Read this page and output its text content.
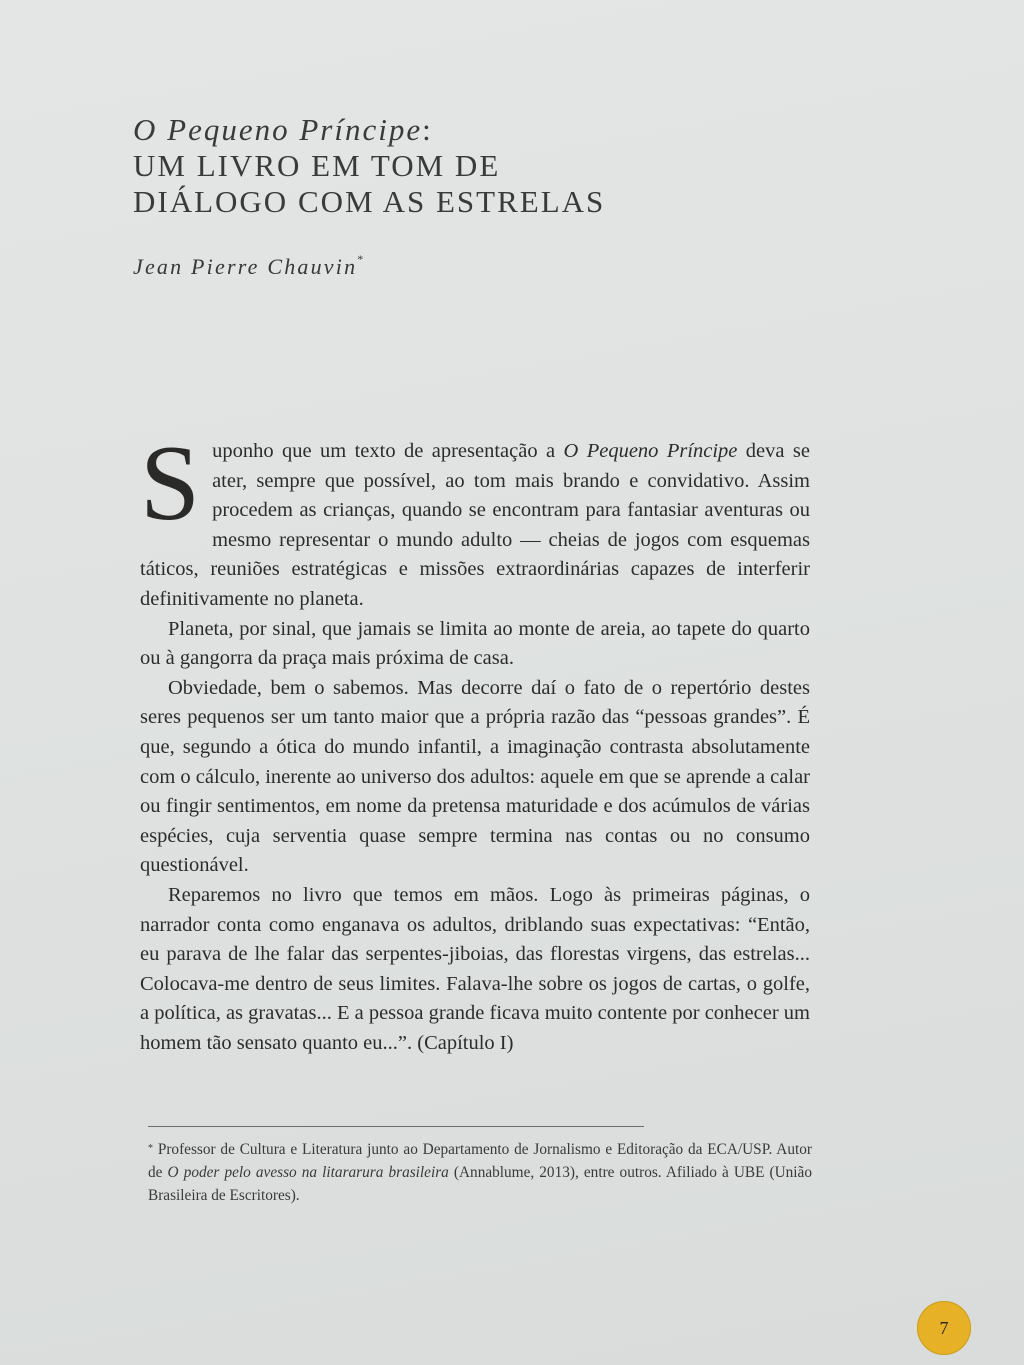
O Pequeno Príncipe:
UM LIVRO EM TOM DE
DIÁLOGO COM AS ESTRELAS
Jean Pierre Chauvin*

Suponho que um texto de apresentação a O Pequeno Príncipe deva se ater, sempre que possível, ao tom mais brando e convidativo. Assim procedem as crianças, quando se encontram para fantasiar aventuras ou mesmo representar o mundo adulto — cheias de jogos com esquemas táticos, reuniões estratégicas e missões extraordinárias capazes de interferir definitivamente no planeta.

Planeta, por sinal, que jamais se limita ao monte de areia, ao tapete do quarto ou à gangorra da praça mais próxima de casa.

Obviedade, bem o sabemos. Mas decorre daí o fato de o repertório destes seres pequenos ser um tanto maior que a própria razão das “pessoas grandes”. É que, segundo a ótica do mundo infantil, a imaginação contrasta absolutamente com o cálculo, inerente ao universo dos adultos: aquele em que se aprende a calar ou fingir sentimentos, em nome da pretensa maturidade e dos acúmulos de várias espécies, cuja serventia quase sempre termina nas contas ou no consumo questionável.

Reparemos no livro que temos em mãos. Logo às primeiras páginas, o narrador conta como enganava os adultos, driblando suas expectativas: “Então, eu parava de lhe falar das serpentes-jiboias, das florestas virgens, das estrelas... Colocava-me dentro de seus limites. Falava-lhe sobre os jogos de cartas, o golfe, a política, as gravatas... E a pessoa grande ficava muito contente por conhecer um homem tão sensato quanto eu...”. (Capítulo I)

* Professor de Cultura e Literatura junto ao Departamento de Jornalismo e Editoração da ECA/USP. Autor de O poder pelo avesso na litararura brasileira (Annablume, 2013), entre outros. Afiliado à UBE (União Brasileira de Escritores).
7
